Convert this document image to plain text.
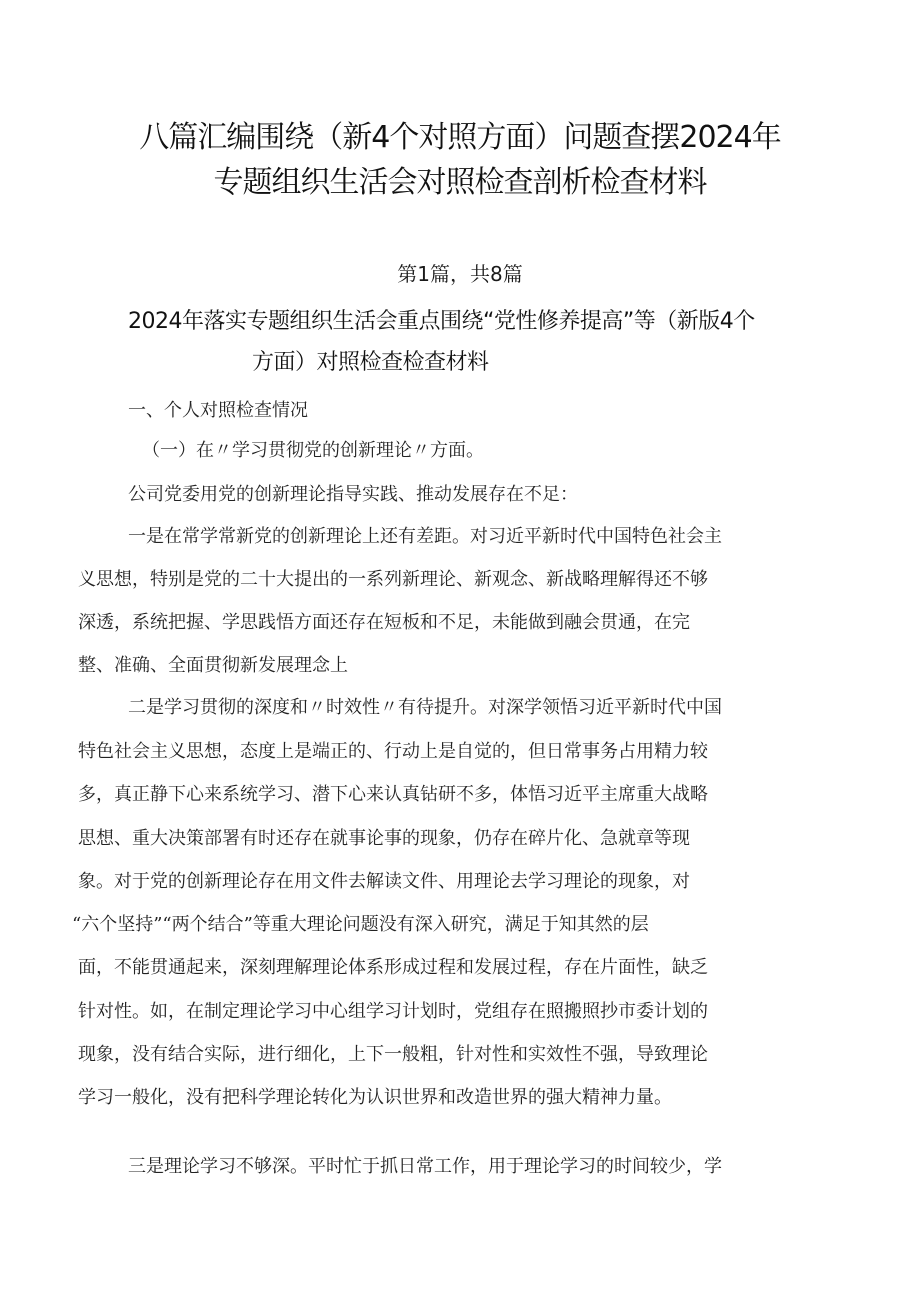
八篇汇编围绕（新4个对照方面）问题查摆2024年
专题组织生活会对照检查剖析检查材料
第1篇，共8篇
2024年落实专题组织生活会重点围绕“党性修养提高”等（新版4个
方面）对照检查检查材料
一、个人对照检查情况
（一）在〃学习贯彻党的创新理论〃方面。
公司党委用党的创新理论指导实践、推动发展存在不足：
一是在常学常新党的创新理论上还有差距。对习近平新时代中国特色社会主
义思想，特别是党的二十大提出的一系列新理论、新观念、新战略理解得还不够
深透，系统把握、学思践悟方面还存在短板和不足，未能做到融会贯通，在完
整、准确、全面贯彻新发展理念上
二是学习贯彻的深度和〃时效性〃有待提升。对深学领悟习近平新时代中国
特色社会主义思想，态度上是端正的、行动上是自觉的，但日常事务占用精力较
多，真正静下心来系统学习、潜下心来认真钻研不多，体悟习近平主席重大战略
思想、重大决策部署有时还存在就事论事的现象，仍存在碎片化、急就章等现
象。对于党的创新理论存在用文件去解读文件、用理论去学习理论的现象，对
“六个坚持”“两个结合”等重大理论问题没有深入研究，满足于知其然的层
面，不能贯通起来，深刻理解理论体系形成过程和发展过程，存在片面性，缺乏
针对性。如，在制定理论学习中心组学习计划时，党组存在照搬照抄市委计划的
现象，没有结合实际，进行细化，上下一般粗，针对性和实效性不强，导致理论
学习一般化，没有把科学理论转化为认识世界和改造世界的强大精神力量。
三是理论学习不够深。平时忙于抓日常工作，用于理论学习的时间较少，学
